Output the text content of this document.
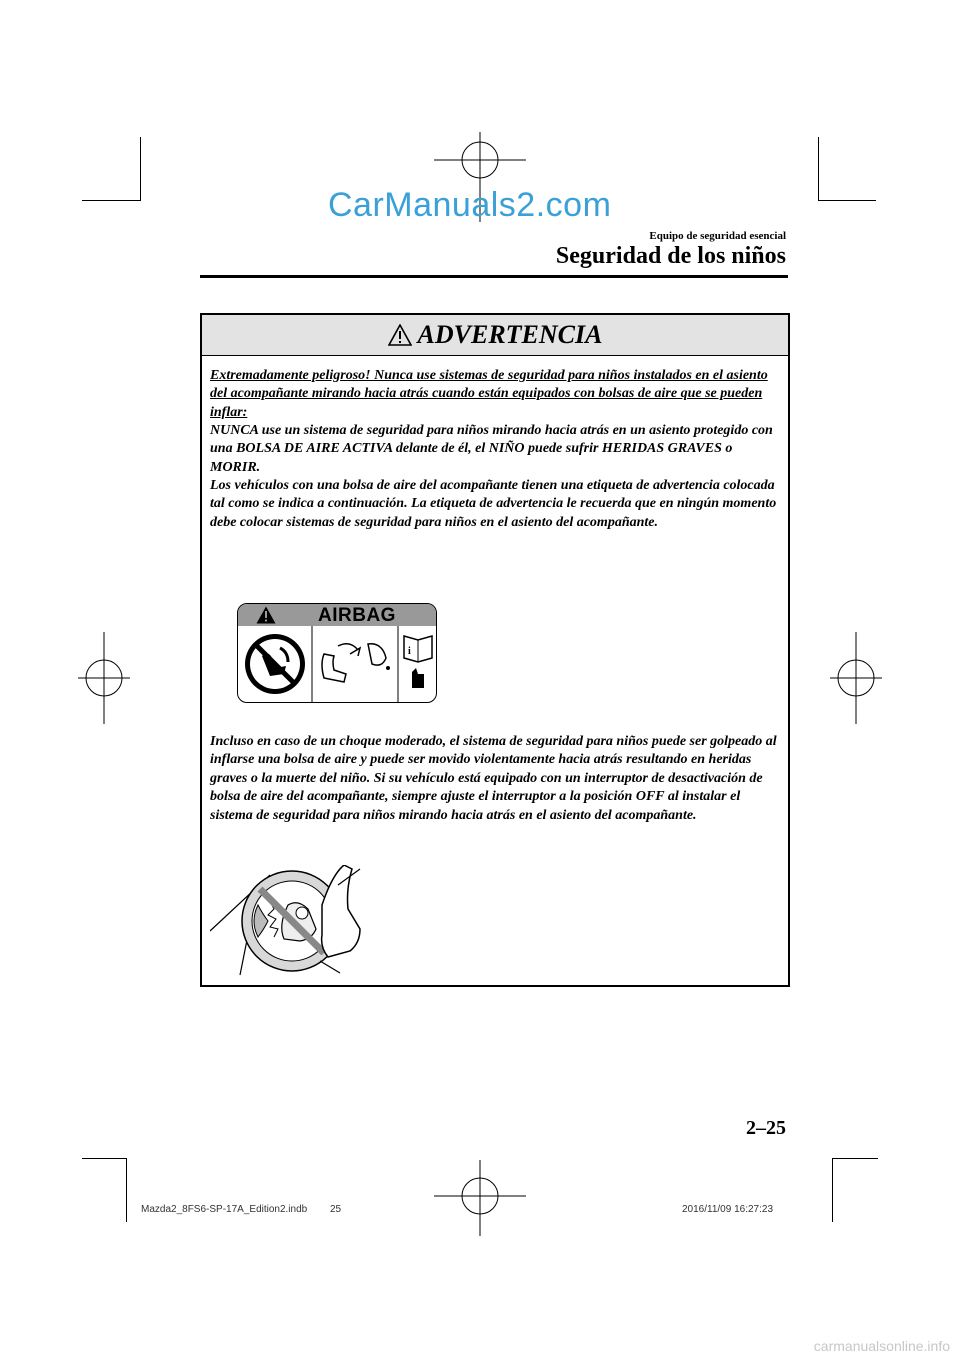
CarManuals2.com
Equipo de seguridad esencial
Seguridad de los niños
ADVERTENCIA
Extremadamente peligroso! Nunca use sistemas de seguridad para niños instalados en el asiento del acompañante mirando hacia atrás cuando están equipados con bolsas de aire que se pueden inflar:
NUNCA use un sistema de seguridad para niños mirando hacia atrás en un asiento protegido con una BOLSA DE AIRE ACTIVA delante de él, el NIÑO puede sufrir HERIDAS GRAVES o MORIR.
Los vehículos con una bolsa de aire del acompañante tienen una etiqueta de advertencia colocada tal como se indica a continuación. La etiqueta de advertencia le recuerda que en ningún momento debe colocar sistemas de seguridad para niños en el asiento del acompañante.
AIRBAG
i
Incluso en caso de un choque moderado, el sistema de seguridad para niños puede ser golpeado al inflarse una bolsa de aire y puede ser movido violentamente hacia atrás resultando en heridas graves o la muerte del niño. Si su vehículo está equipado con un interruptor de desactivación de bolsa de aire del acompañante, siempre ajuste el interruptor a la posición OFF al instalar el sistema de seguridad para niños mirando hacia atrás en el asiento del acompañante.
2–25
Mazda2_8FS6-SP-17A_Edition2.indb 25	2016/11/09 16:27:23
carmanualsonline.info
